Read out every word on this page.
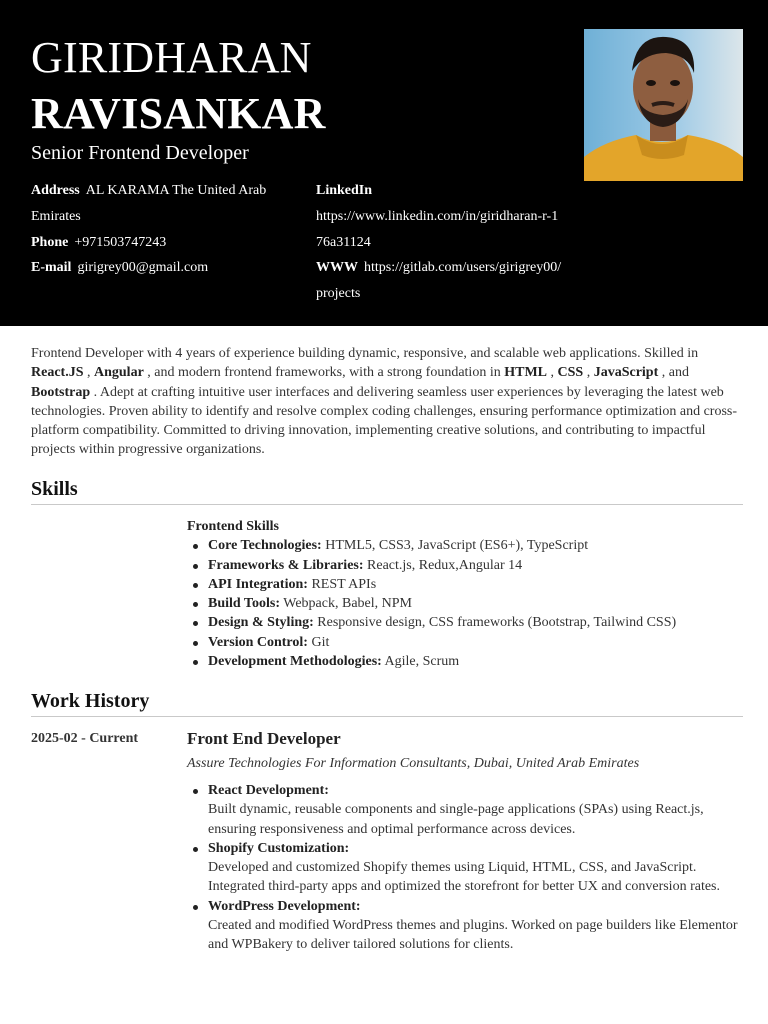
GIRIDHARAN
RAVISANKAR
Senior Frontend Developer
Address AL KARAMA The United Arab Emirates
Phone +971503747243
E-mail girigrey00@gmail.com
LinkedIn
https://www.linkedin.com/in/giridharan-r-176a31124
WWW https://gitlab.com/users/girigrey00/projects

Frontend Developer with 4 years of experience building dynamic, responsive, and scalable web applications. Skilled in React.JS , Angular , and modern frontend frameworks, with a strong foundation in HTML , CSS , JavaScript , and Bootstrap . Adept at crafting intuitive user interfaces and delivering seamless user experiences by leveraging the latest web technologies. Proven ability to identify and resolve complex coding challenges, ensuring performance optimization and cross-platform compatibility. Committed to driving innovation, implementing creative solutions, and contributing to impactful projects within progressive organizations.

Skills
Frontend Skills
Core Technologies: HTML5, CSS3, JavaScript (ES6+), TypeScript
Frameworks & Libraries: React.js, Redux,Angular 14
API Integration: REST APIs
Build Tools: Webpack, Babel, NPM
Design & Styling: Responsive design, CSS frameworks (Bootstrap, Tailwind CSS)
Version Control: Git
Development Methodologies: Agile, Scrum
Work History
2025-02 - Current	Front End Developer
Assure Technologies For Information Consultants, Dubai, United Arab Emirates
React Development:
Built dynamic, reusable components and single-page applications (SPAs) using React.js, ensuring responsiveness and optimal performance across devices.
Shopify Customization:
Developed and customized Shopify themes using Liquid, HTML, CSS, and JavaScript. Integrated third-party apps and optimized the storefront for better UX and conversion rates.
WordPress Development:
Created and modified WordPress themes and plugins. Worked on page builders like Elementor and WPBakery to deliver tailored solutions for clients.
